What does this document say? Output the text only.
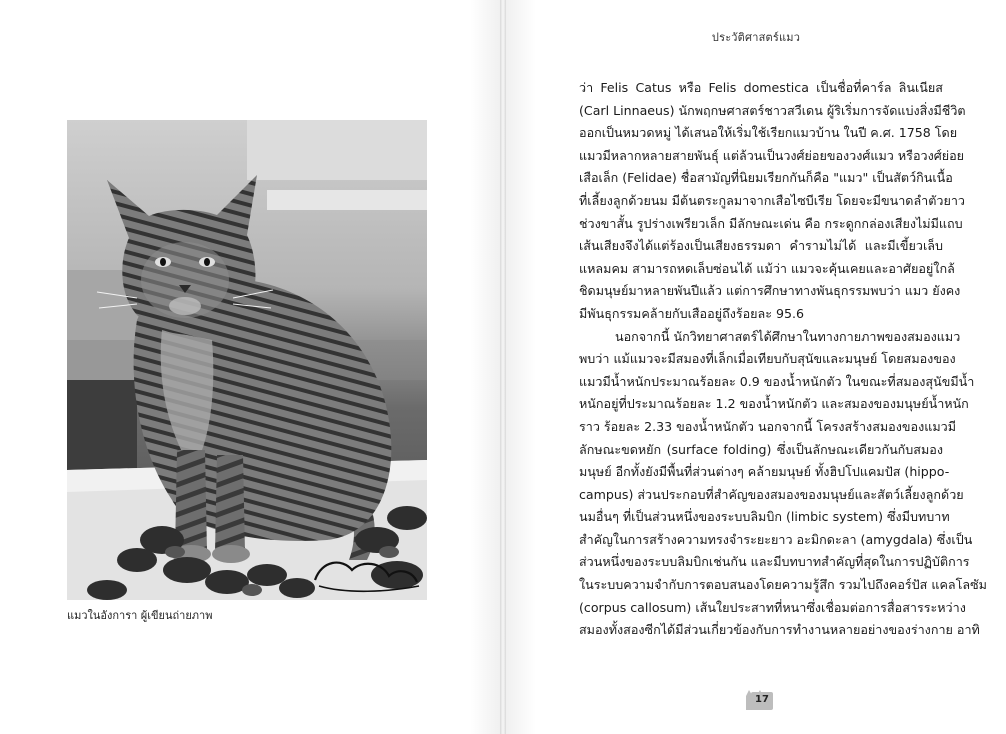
แมวในอังการา ผู้เขียนถ่ายภาพ
ประวัติศาสตร์แมว
ว่า Felis Catus หรือ Felis domestica เป็นชื่อที่คาร์ล ลินเนียส
(Carl Linnaeus) นักพฤกษศาสตร์ชาวสวีเดน ผู้ริเริ่มการจัดแบ่งสิ่งมีชีวิต
ออกเป็นหมวดหมู่ ได้เสนอให้เริ่มใช้เรียกแมวบ้าน ในปี ค.ศ. 1758 โดย
แมวมีหลากหลายสายพันธุ์ แต่ล้วนเป็นวงศ์ย่อยของวงศ์แมว หรือวงศ์ย่อย
เสือเล็ก (Felidae) ชื่อสามัญที่นิยมเรียกกันก็คือ "แมว" เป็นสัตว์กินเนื้อ
ที่เลี้ยงลูกด้วยนม มีต้นตระกูลมาจากเสือไซบีเรีย โดยจะมีขนาดลำตัวยาว
ช่วงขาสั้น รูปร่างเพรียวเล็ก มีลักษณะเด่น คือ กระดูกกล่องเสียงไม่มีแถบ
เส้นเสียงจึงได้แต่ร้องเป็นเสียงธรรมดา คำรามไม่ได้ และมีเขี้ยวเล็บ
แหลมคม สามารถหดเล็บซ่อนได้ แม้ว่า แมวจะคุ้นเคยและอาศัยอยู่ใกล้
ชิดมนุษย์มาหลายพันปีแล้ว แต่การศึกษาทางพันธุกรรมพบว่า แมว ยังคง
มีพันธุกรรมคล้ายกับเสืออยู่ถึงร้อยละ 95.6
นอกจากนี้ นักวิทยาศาสตร์ได้ศึกษาในทางกายภาพของสมองแมว
พบว่า แม้แมวจะมีสมองที่เล็กเมื่อเทียบกับสุนัขและมนุษย์ โดยสมองของ
แมวมีน้ำหนักประมาณร้อยละ 0.9 ของน้ำหนักตัว ในขณะที่สมองสุนัขมีน้ำ
หนักอยู่ที่ประมาณร้อยละ 1.2 ของน้ำหนักตัว และสมองของมนุษย์น้ำหนัก
ราว ร้อยละ 2.33 ของน้ำหนักตัว นอกจากนี้ โครงสร้างสมองของแมวมี
ลักษณะขดหยัก (surface folding) ซึ่งเป็นลักษณะเดียวกันกับสมอง
มนุษย์ อีกทั้งยังมีพื้นที่ส่วนต่างๆ คล้ายมนุษย์ ทั้งฮิปโปแคมปัส (hippo-
campus) ส่วนประกอบที่สำคัญของสมองของมนุษย์และสัตว์เลี้ยงลูกด้วย
นมอื่นๆ ที่เป็นส่วนหนึ่งของระบบลิมบิก (limbic system) ซึ่งมีบทบาท
สำคัญในการสร้างความทรงจำระยะยาว อะมิกดะลา (amygdala) ซึ่งเป็น
ส่วนหนึ่งของระบบลิมบิกเช่นกัน และมีบทบาทสำคัญที่สุดในการปฏิบัติการ
ในระบบความจำกับการตอบสนองโดยความรู้สึก รวมไปถึงคอร์ปัส แคลโลซัม
(corpus callosum) เส้นใยประสาทที่หนาซึ่งเชื่อมต่อการสื่อสารระหว่าง
สมองทั้งสองซีกได้มีส่วนเกี่ยวข้องกับการทำงานหลายอย่างของร่างกาย อาทิ
17
